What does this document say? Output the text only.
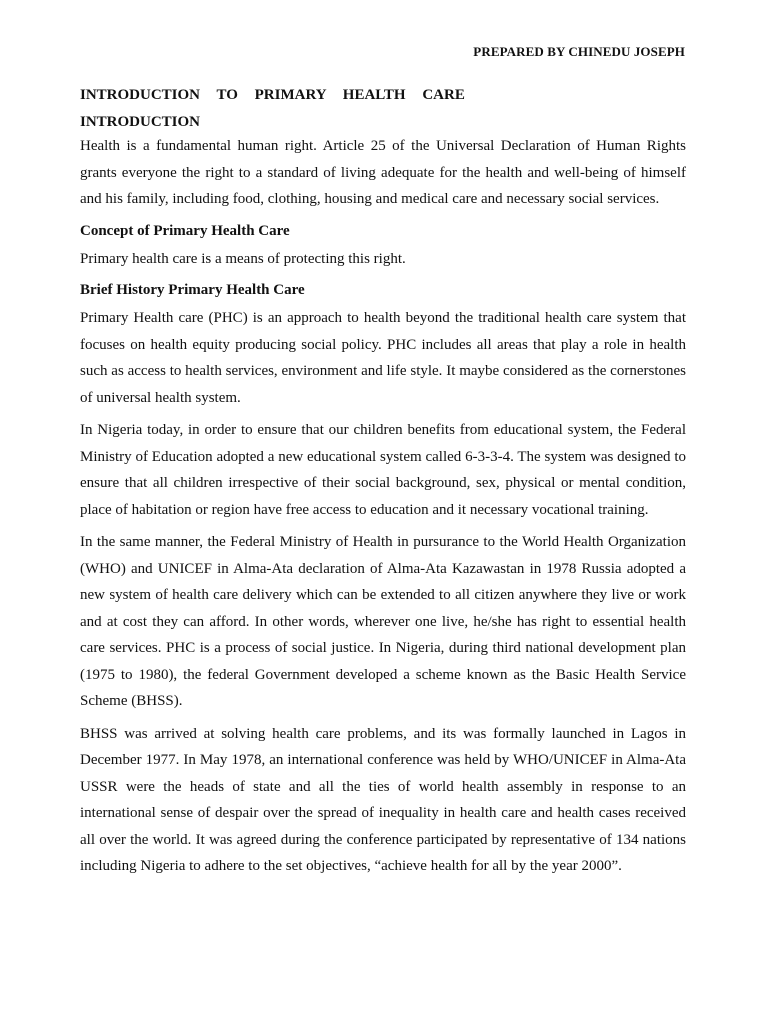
PREPARED BY CHINEDU JOSEPH
INTRODUCTION TO PRIMARY HEALTH CARE
INTRODUCTION

Health is a fundamental human right. Article 25 of the Universal Declaration of Human Rights grants everyone the right to a standard of living adequate for the health and well-being of himself and his family, including food, clothing, housing and medical care and necessary social services.

Concept of Primary Health Care

Primary health care is a means of protecting this right.

Brief History Primary Health Care

Primary Health care (PHC) is an approach to health beyond the traditional health care system that focuses on health equity producing social policy. PHC includes all areas that play a role in health such as access to health services, environment and life style. It maybe considered as the cornerstones of universal health system.

In Nigeria today, in order to ensure that our children benefits from educational system, the Federal Ministry of Education adopted a new educational system called 6-3-3-4. The system was designed to ensure that all children irrespective of their social background, sex, physical or mental condition, place of habitation or region have free access to education and it necessary vocational training.

In the same manner, the Federal Ministry of Health in pursurance to the World Health Organization (WHO) and UNICEF in Alma-Ata declaration of Alma-Ata Kazawastan in 1978 Russia adopted a new system of health care delivery which can be extended to all citizen anywhere they live or work and at cost they can afford. In other words, wherever one live, he/she has right to essential health care services. PHC is a process of social justice. In Nigeria, during third national development plan (1975 to 1980), the federal Government developed a scheme known as the Basic Health Service Scheme (BHSS).

BHSS was arrived at solving health care problems, and its was formally launched in Lagos in December 1977. In May 1978, an international conference was held by WHO/UNICEF in Alma-Ata USSR were the heads of state and all the ties of world health assembly in response to an international sense of despair over the spread of inequality in health care and health cases received all over the world. It was agreed during the conference participated by representative of 134 nations including Nigeria to adhere to the set objectives, “achieve health for all by the year 2000”.
